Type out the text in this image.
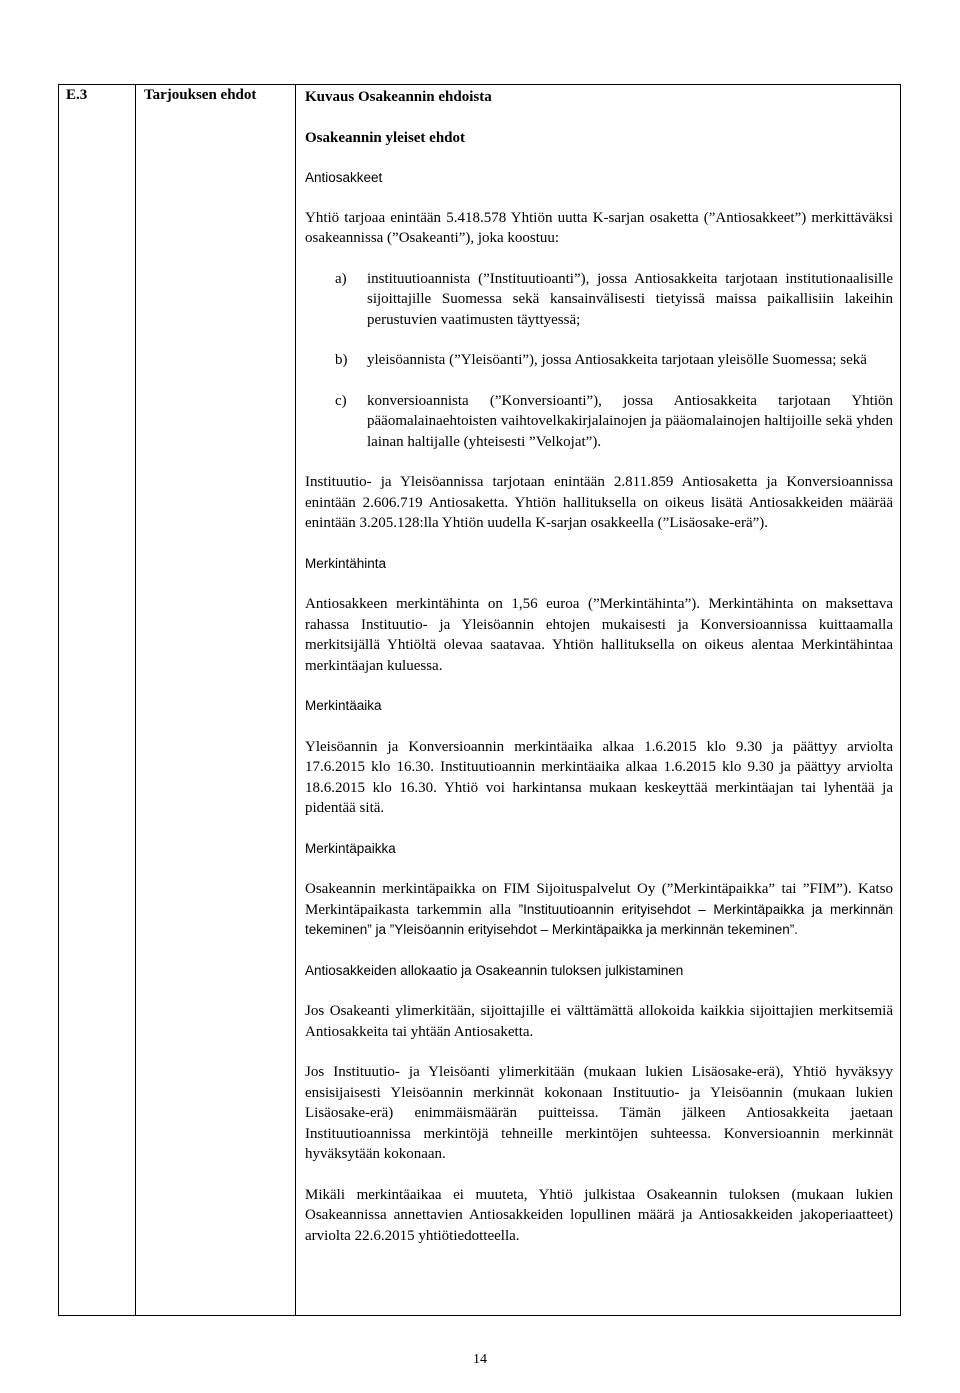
E.3	Tarjouksen ehdot	Kuvaus Osakeannin ehdoista

Osakeannin yleiset ehdot

Antiosakkeet

Yhtiö tarjoaa enintään 5.418.578 Yhtiön uutta K-sarjan osaketta (”Antiosakkeet”) merkittäväksi osakeannissa (”Osakeanti”), joka koostuu:

a) instituutioannista (”Instituutioanti”), jossa Antiosakkeita tarjotaan institutionaalisille sijoittajille Suomessa sekä kansainvälisesti tietyissä maissa paikallisiin lakeihin perustuvien vaatimusten täyttyessä;
b) yleisöannista (”Yleisöanti”), jossa Antiosakkeita tarjotaan yleisölle Suomessa; sekä
c) konversioannista (”Konversioanti”), jossa Antiosakkeita tarjotaan Yhtiön pääomalainaehtoisten vaihtovelkakirjalainojen ja pääomalainojen haltijoille sekä yhden lainan haltijalle (yhteisesti ”Velkojat”).

Instituutio- ja Yleisöannissa tarjotaan enintään 2.811.859 Antiosaketta ja Konversioannissa enintään 2.606.719 Antiosaketta. Yhtiön hallituksella on oikeus lisätä Antiosakkeiden määrää enintään 3.205.128:lla Yhtiön uudella K-sarjan osakkeella (”Lisäosake-erä”).

Merkintähinta

Antiosakkeen merkintähinta on 1,56 euroa (”Merkintähinta”). Merkintähinta on maksettava rahassa Instituutio- ja Yleisöannin ehtojen mukaisesti ja Konversioannissa kuittaamalla merkitsijällä Yhtiöltä olevaa saatavaa. Yhtiön hallituksella on oikeus alentaa Merkintähintaa merkintäajan kuluessa.

Merkintäaika

Yleisöannin ja Konversioannin merkintäaika alkaa 1.6.2015 klo 9.30 ja päättyy arviolta 17.6.2015 klo 16.30. Instituutioannin merkintäaika alkaa 1.6.2015 klo 9.30 ja päättyy arviolta 18.6.2015 klo 16.30. Yhtiö voi harkintansa mukaan keskeyttää merkintäajan tai lyhentää ja pidentää sitä.

Merkintäpaikka

Osakeannin merkintäpaikka on FIM Sijoituspalvelut Oy (”Merkintäpaikka” tai ”FIM”). Katso Merkintäpaikasta tarkemmin alla ”Instituutioannin erityisehdot – Merkintäpaikka ja merkinnän tekeminen” ja ”Yleisöannin erityisehdot – Merkintäpaikka ja merkinnän tekeminen”.

Antiosakkeiden allokaatio ja Osakeannin tuloksen julkistaminen

Jos Osakeanti ylimerkitään, sijoittajille ei välttämättä allokoida kaikkia sijoittajien merkitsemiä Antiosakkeita tai yhtään Antiosaketta.

Jos Instituutio- ja Yleisöanti ylimerkitään (mukaan lukien Lisäosake-erä), Yhtiö hyväksyy ensisijaisesti Yleisöannin merkinnät kokonaan Instituutio- ja Yleisöannin (mukaan lukien Lisäosake-erä) enimmäismäärän puitteissa. Tämän jälkeen Antiosakkeita jaetaan Instituutioannissa merkintöjä tehneille merkintöjen suhteessa. Konversioannin merkinnät hyväksytään kokonaan.

Mikäli merkintäaikaa ei muuteta, Yhtiö julkistaa Osakeannin tuloksen (mukaan lukien Osakeannissa annettavien Antiosakkeiden lopullinen määrä ja Antiosakkeiden jakoperiaatteet) arviolta 22.6.2015 yhtiötiedotteella.

14
